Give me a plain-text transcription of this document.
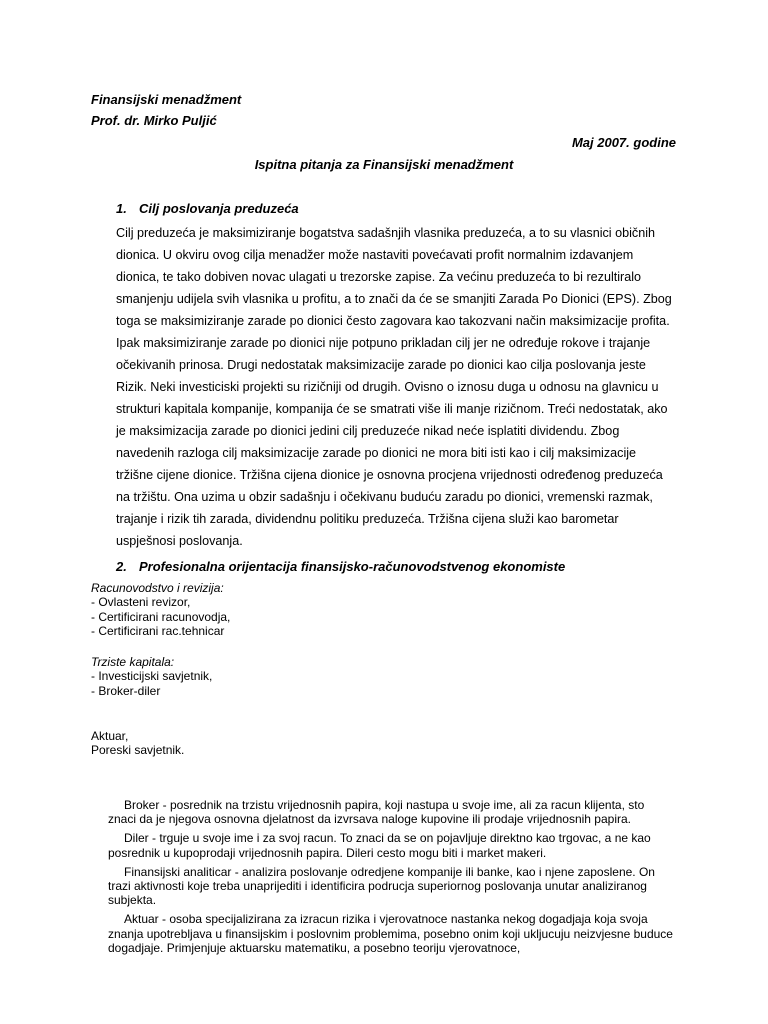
Finansijski menadžment
Prof. dr. Mirko Puljić
Maj 2007. godine
Ispitna pitanja za Finansijski menadžment
1. Cilj poslovanja preduzeća

Cilj preduzeća je maksimiziranje bogatstva sadašnjih vlasnika preduzeća, a to su vlasnici običnih dionica. U okviru ovog cilja menadžer može nastaviti povećavati profit normalnim izdavanjem dionica, te tako dobiven novac ulagati u trezorske zapise. Za većinu preduzeća to bi rezultiralo smanjenju udijela svih vlasnika u profitu, a to znači da će se smanjiti Zarada Po Dionici (EPS). Zbog toga se maksimiziranje zarade po dionici često zagovara kao takozvani način maksimizacije profita. Ipak maksimiziranje zarade po dionici nije potpuno prikladan cilj jer ne određuje rokove i trajanje očekivanih prinosa. Drugi nedostatak maksimizacije zarade po dionici kao cilja poslovanja jeste Rizik. Neki investiciski projekti su rizičniji od drugih. Ovisno o iznosu duga u odnosu na glavnicu u strukturi kapitala kompanije, kompanija će se smatrati više ili manje rizičnom. Treći nedostatak, ako je maksimizacija zarade po dionici jedini cilj preduzeće nikad neće isplatiti dividendu. Zbog navedenih razloga cilj maksimizacije zarade po dionici ne mora biti isti kao i cilj maksimizacije tržišne cijene dionice. Tržišna cijena dionice je osnovna procjena vrijednosti određenog preduzeća na tržištu. Ona uzima u obzir sadašnju i očekivanu buduću zaradu po dionici, vremenski razmak, trajanje i rizik tih zarada, dividendnu politiku preduzeća. Tržišna cijena služi kao barometar uspješnosi poslovanja.

2. Profesionalna orijentacija finansijsko-računovodstvenog ekonomiste
Racunovodstvo i revizija:
- Ovlasteni revizor,
- Certificirani racunovodja,
- Certificirani rac.tehnicar
Trziste kapitala:
- Investicijski savjetnik,
- Broker-diler
Aktuar,
Poreski savjetnik.

Broker - posrednik na trzistu vrijednosnih papira, koji nastupa u svoje ime, ali za racun klijenta, sto znaci da je njegova osnovna djelatnost da izvrsava naloge kupovine ili prodaje vrijednosnih papira.

Diler - trguje u svoje ime i za svoj racun. To znaci da se on pojavljuje direktno kao trgovac, a ne kao posrednik u kupoprodaji vrijednosnih papira. Dileri cesto mogu biti i market makeri.

Finansijski analiticar - analizira poslovanje odredjene kompanije ili banke, kao i njene zaposlene. On trazi aktivnosti koje treba unaprijediti i identificira podrucja superiornog poslovanja unutar analiziranog subjekta.

Aktuar - osoba specijalizirana za izracun rizika i vjerovatnoce nastanka nekog dogadjaja koja svoja znanja upotrebljava u finansijskim i poslovnim problemima, posebno onim koji ukljucuju neizvjesne buduce dogadjaje. Primjenjuje aktuarsku matematiku, a posebno teoriju vjerovatnoce,
